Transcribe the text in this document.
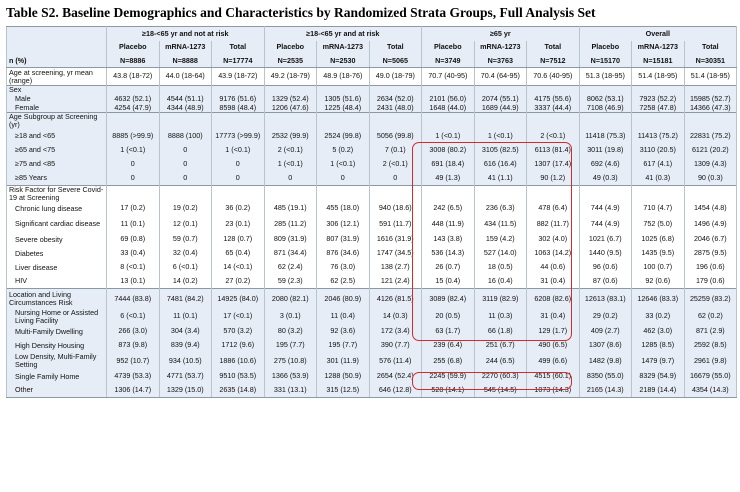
Table S2. Baseline Demographics and Characteristics by Randomized Strata Groups, Full Analysis Set
	≥18-<65 yr and not at risk			≥18-<65 yr and at risk			≥65 yr			Overall		
	Placebo	mRNA-1273	Total	Placebo	mRNA-1273	Total	Placebo	mRNA-1273	Total	Placebo	mRNA-1273	Total
n (%)	N=8886	N=8888	N=17774	N=2535	N=2530	N=5065	N=3749	N=3763	N=7512	N=15170	N=15181	N=30351
Age at screening, yr mean (range)	43.8 (18-72)	44.0 (18-64)	43.9 (18-72)	49.2 (18-79)	48.9 (18-76)	49.0 (18-79)	70.7 (40-95)	70.4 (64-95)	70.6 (40-95)	51.3 (18-95)	51.4 (18-95)	51.4 (18-95)
Sex												
Male	4632 (52.1)	4544 (51.1)	9176 (51.6)	1329 (52.4)	1305 (51.6)	2634 (52.0)	2101 (56.0)	2074 (55.1)	4175 (55.6)	8062 (53.1)	7923 (52.2)	15985 (52.7)
Female	4254 (47.9)	4344 (48.9)	8598 (48.4)	1206 (47.6)	1225 (48.4)	2431 (48.0)	1648 (44.0)	1689 (44.9)	3337 (44.4)	7108 (46.9)	7258 (47.8)	14366 (47.3)
Age Subgroup at Screening (yr)												
≥18 and <65	8885 (>99.9)	8888 (100)	17773 (>99.9)	2532 (99.9)	2524 (99.8)	5056 (99.8)	1 (<0.1)	1 (<0.1)	2 (<0.1)	11418 (75.3)	11413 (75.2)	22831 (75.2)
≥65 and <75	1 (<0.1)	0	1 (<0.1)	2 (<0.1)	5 (0.2)	7 (0.1)	3008 (80.2)	3105 (82.5)	6113 (81.4)	3011 (19.8)	3110 (20.5)	6121 (20.2)
≥75 and <85	0	0	0	1 (<0.1)	1 (<0.1)	2 (<0.1)	691 (18.4)	616 (16.4)	1307 (17.4)	692 (4.6)	617 (4.1)	1309 (4.3)
≥85 Years	0	0	0	0	0	0	49 (1.3)	41 (1.1)	90 (1.2)	49 (0.3)	41 (0.3)	90 (0.3)
Risk Factor for Severe Covid-19 at Screening												
Chronic lung disease	17 (0.2)	19 (0.2)	36 (0.2)	485 (19.1)	455 (18.0)	940 (18.6)	242 (6.5)	236 (6.3)	478 (6.4)	744 (4.9)	710 (4.7)	1454 (4.8)
Significant cardiac disease	11 (0.1)	12 (0.1)	23 (0.1)	285 (11.2)	306 (12.1)	591 (11.7)	448 (11.9)	434 (11.5)	882 (11.7)	744 (4.9)	752 (5.0)	1496 (4.9)
Severe obesity	69 (0.8)	59 (0.7)	128 (0.7)	809 (31.9)	807 (31.9)	1616 (31.9)	143 (3.8)	159 (4.2)	302 (4.0)	1021 (6.7)	1025 (6.8)	2046 (6.7)
Diabetes	33 (0.4)	32 (0.4)	65 (0.4)	871 (34.4)	876 (34.6)	1747 (34.5)	536 (14.3)	527 (14.0)	1063 (14.2)	1440 (9.5)	1435 (9.5)	2875 (9.5)
Liver disease	8 (<0.1)	6 (<0.1)	14 (<0.1)	62 (2.4)	76 (3.0)	138 (2.7)	26 (0.7)	18 (0.5)	44 (0.6)	96 (0.6)	100 (0.7)	196 (0.6)
HIV	13 (0.1)	14 (0.2)	27 (0.2)	59 (2.3)	62 (2.5)	121 (2.4)	15 (0.4)	16 (0.4)	31 (0.4)	87 (0.6)	92 (0.6)	179 (0.6)
Location and Living Circumstances Risk	7444 (83.8)	7481 (84.2)	14925 (84.0)	2080 (82.1)	2046 (80.9)	4126 (81.5)	3089 (82.4)	3119 (82.9)	6208 (82.6)	12613 (83.1)	12646 (83.3)	25259 (83.2)
Nursing Home or Assisted Living Facility	6 (<0.1)	11 (0.1)	17 (<0.1)	3 (0.1)	11 (0.4)	14 (0.3)	20 (0.5)	11 (0.3)	31 (0.4)	29 (0.2)	33 (0.2)	62 (0.2)
Multi-Family Dwelling	266 (3.0)	304 (3.4)	570 (3.2)	80 (3.2)	92 (3.6)	172 (3.4)	63 (1.7)	66 (1.8)	129 (1.7)	409 (2.7)	462 (3.0)	871 (2.9)
High Density Housing	873 (9.8)	839 (9.4)	1712 (9.6)	195 (7.7)	195 (7.7)	390 (7.7)	239 (6.4)	251 (6.7)	490 (6.5)	1307 (8.6)	1285 (8.5)	2592 (8.5)
Low Density, Multi-Family Setting	952 (10.7)	934 (10.5)	1886 (10.6)	275 (10.8)	301 (11.9)	576 (11.4)	255 (6.8)	244 (6.5)	499 (6.6)	1482 (9.8)	1479 (9.7)	2961 (9.8)
Single Family Home	4739 (53.3)	4771 (53.7)	9510 (53.5)	1366 (53.9)	1288 (50.9)	2654 (52.4)	2245 (59.9)	2270 (60.3)	4515 (60.1)	8350 (55.0)	8329 (54.9)	16679 (55.0)
Other	1306 (14.7)	1329 (15.0)	2635 (14.8)	331 (13.1)	315 (12.5)	646 (12.8)	528 (14.1)	545 (14.5)	1073 (14.3)	2165 (14.3)	2189 (14.4)	4354 (14.3)
